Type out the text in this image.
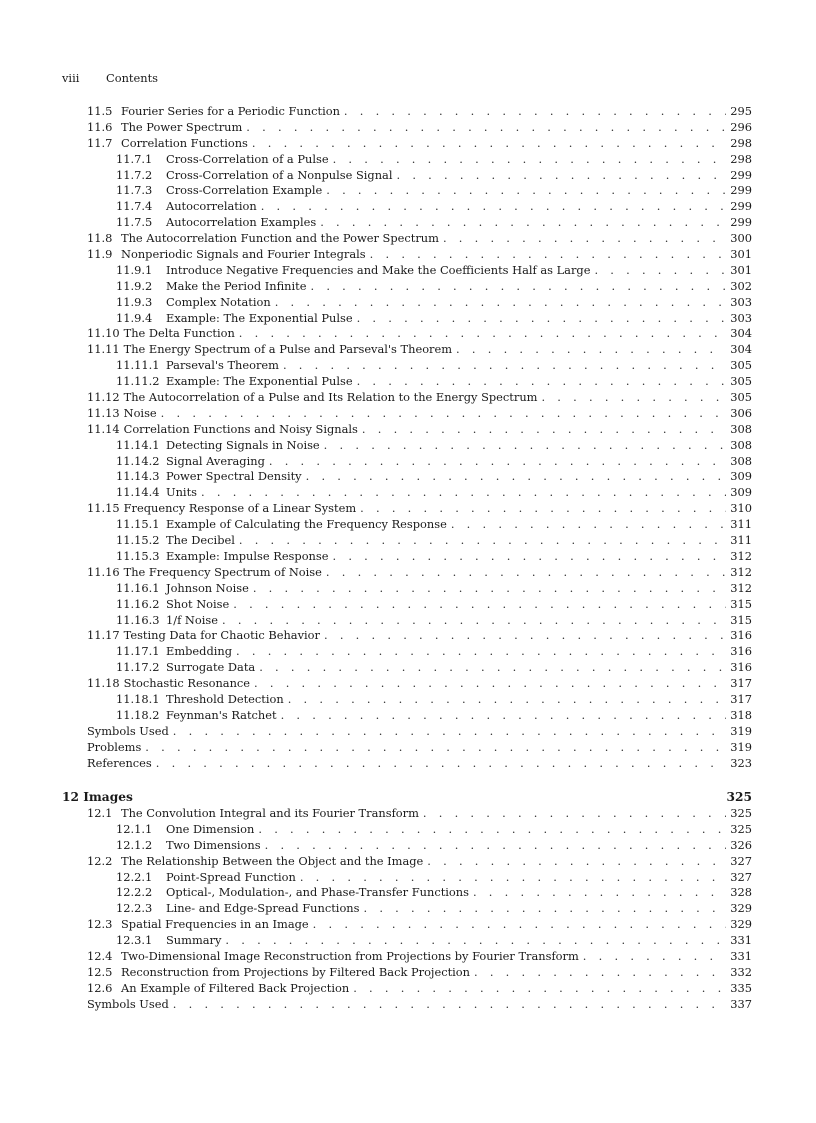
viii Contents
11.5 Fourier Series for a Periodic Function . . .	295
11.6 The Power Spectrum . . .	296
11.7 Correlation Functions . . .	298
11.7.1	Cross-Correlation of a Pulse . . .	298
11.7.2	Cross-Correlation of a Nonpulse Signal . . .	299
11.7.3	Cross-Correlation Example . . .	299
11.7.4	Autocorrelation . . .	299
11.7.5	Autocorrelation Examples . . .	299
11.8 The Autocorrelation Function and the Power Spectrum . . .	300
11.9 Nonperiodic Signals and Fourier Integrals . . .	301
11.9.1	Introduce Negative Frequencies and Make the Coefficients Half as Large . . .	301
11.9.2	Make the Period Infinite . . .	302
11.9.3	Complex Notation . . .	303
11.9.4	Example: The Exponential Pulse . . .	303
11.10 The Delta Function . . .	304
11.11 The Energy Spectrum of a Pulse and Parseval's Theorem . . .	304
11.11.1 Parseval's Theorem . . .	305
11.11.2 Example: The Exponential Pulse . . .	305
11.12 The Autocorrelation of a Pulse and Its Relation to the Energy Spectrum . . .	305
11.13 Noise . . .	306
11.14 Correlation Functions and Noisy Signals . . .	308
11.14.1 Detecting Signals in Noise . . .	308
11.14.2 Signal Averaging . . .	308
11.14.3 Power Spectral Density . . .	309
11.14.4 Units . . .	309
11.15 Frequency Response of a Linear System . . .	310
11.15.1 Example of Calculating the Frequency Response . . .	311
11.15.2 The Decibel . . .	311
11.15.3 Example: Impulse Response . . .	312
11.16 The Frequency Spectrum of Noise . . .	312
11.16.1 Johnson Noise . . .	312
11.16.2 Shot Noise . . .	315
11.16.3 1/f Noise . . .	315
11.17 Testing Data for Chaotic Behavior . . .	316
11.17.1 Embedding . . .	316
11.17.2 Surrogate Data . . .	316
11.18 Stochastic Resonance . . .	317
11.18.1 Threshold Detection . . .	317
11.18.2 Feynman's Ratchet . . .	318
Symbols Used . . .	319
Problems . . .	319
References . . .	323
12 Images	325
12.1 The Convolution Integral and its Fourier Transform . . .	325
12.1.1	One Dimension . . .	325
12.1.2	Two Dimensions . . .	326
12.2 The Relationship Between the Object and the Image . . .	327
12.2.1	Point-Spread Function . . .	327
12.2.2	Optical-, Modulation-, and Phase-Transfer Functions . . .	328
12.2.3	Line- and Edge-Spread Functions . . .	329
12.3 Spatial Frequencies in an Image . . .	329
12.3.1	Summary . . .	331
12.4 Two-Dimensional Image Reconstruction from Projections by Fourier Transform . . .	331
12.5 Reconstruction from Projections by Filtered Back Projection . . .	332
12.6 An Example of Filtered Back Projection . . .	335
Symbols Used . . .	337
